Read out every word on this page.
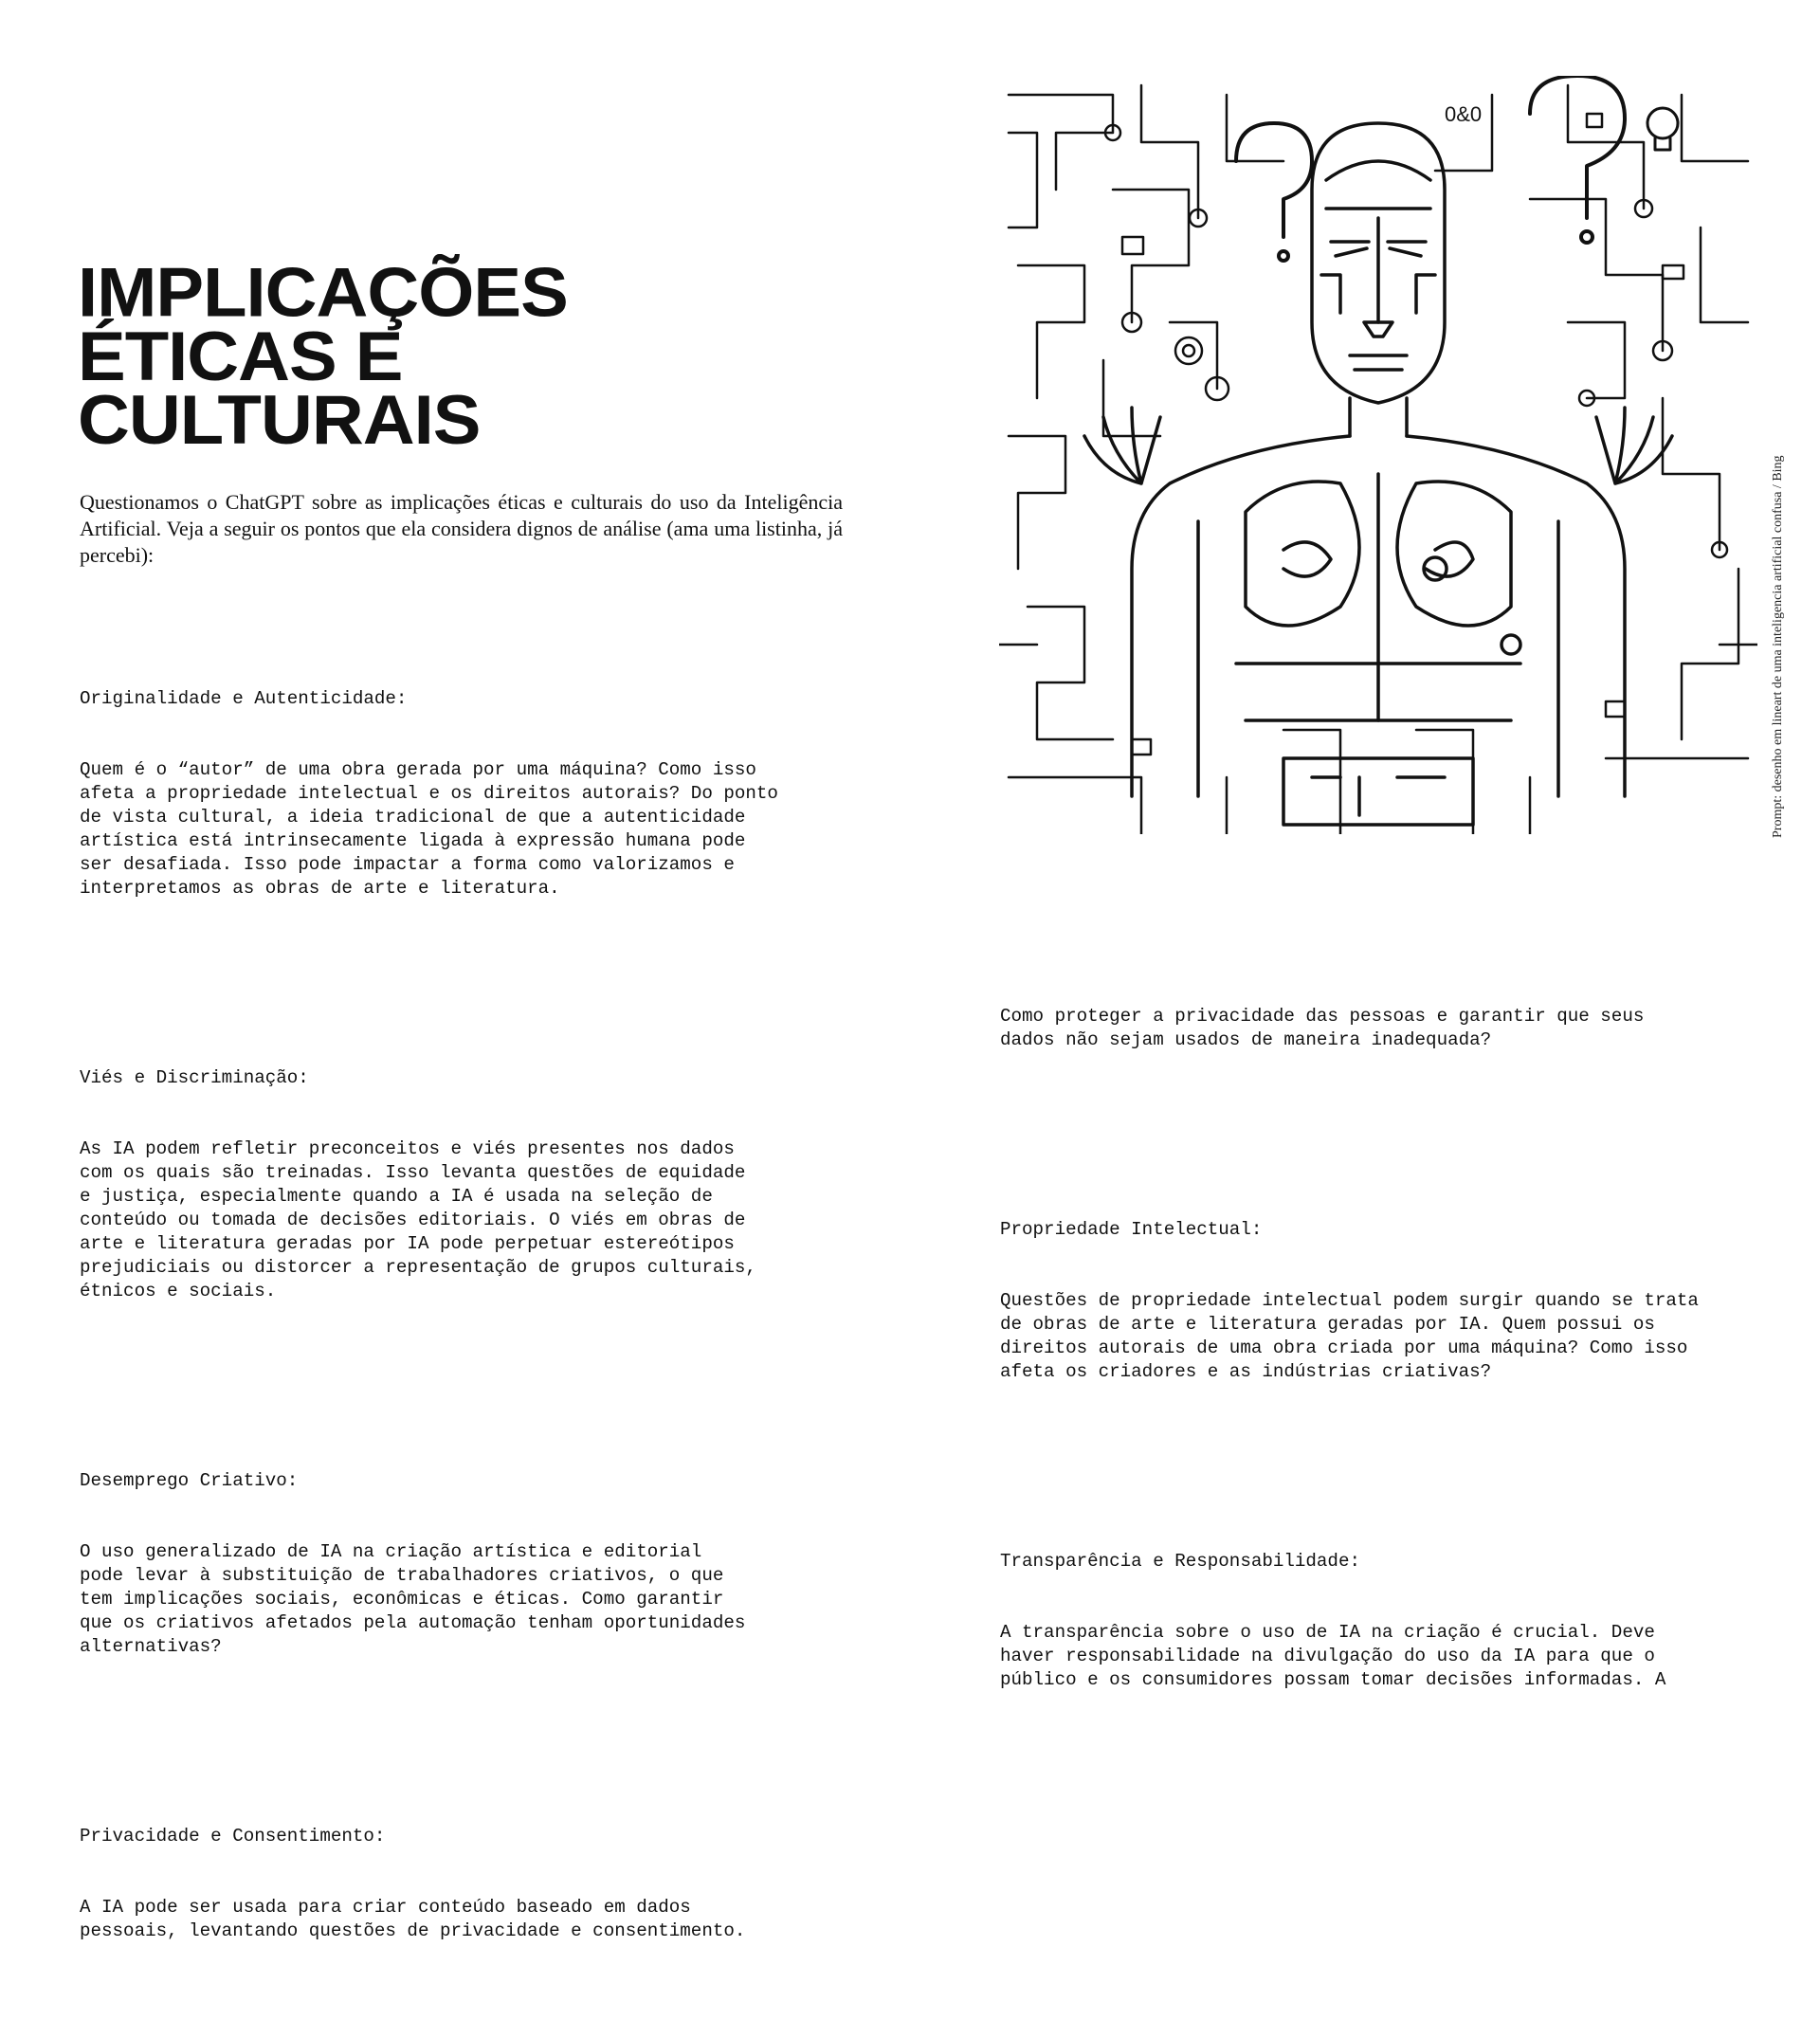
IMPLICAÇÕES
ÉTICAS E
CULTURAIS

Questionamos o ChatGPT sobre as implicações éticas e culturais do uso da Inteligência Artificial. Veja a seguir os pontos que ela considera dignos de análise (ama uma listinha, já percebi):

Originalidade e Autenticidade:

Quem é o “autor” de uma obra gerada por uma máquina? Como isso
afeta a propriedade intelectual e os direitos autorais? Do ponto
de vista cultural, a ideia tradicional de que a autenticidade
artística está intrinsecamente ligada à expressão humana pode
ser desafiada. Isso pode impactar a forma como valorizamos e
interpretamos as obras de arte e literatura.

Viés e Discriminação:

As IA podem refletir preconceitos e viés presentes nos dados
com os quais são treinadas. Isso levanta questões de equidade
e justiça, especialmente quando a IA é usada na seleção de
conteúdo ou tomada de decisões editoriais. O viés em obras de
arte e literatura geradas por IA pode perpetuar estereótipos
prejudiciais ou distorcer a representação de grupos culturais,
étnicos e sociais.

Desemprego Criativo:

O uso generalizado de IA na criação artística e editorial
pode levar à substituição de trabalhadores criativos, o que
tem implicações sociais, econômicas e éticas. Como garantir
que os criativos afetados pela automação tenham oportunidades
alternativas?

Privacidade e Consentimento:

A IA pode ser usada para criar conteúdo baseado em dados
pessoais, levantando questões de privacidade e consentimento.

Como proteger a privacidade das pessoas e garantir que seus
dados não sejam usados de maneira inadequada?

Propriedade Intelectual:

Questões de propriedade intelectual podem surgir quando se trata
de obras de arte e literatura geradas por IA. Quem possui os
direitos autorais de uma obra criada por uma máquina? Como isso
afeta os criadores e as indústrias criativas?

Transparência e Responsabilidade:

A transparência sobre o uso de IA na criação é crucial. Deve
haver responsabilidade na divulgação do uso da IA para que o
público e os consumidores possam tomar decisões informadas. A

0&0
Prompt: desenho em lineart de uma inteligencia artificial confusa / Bing
